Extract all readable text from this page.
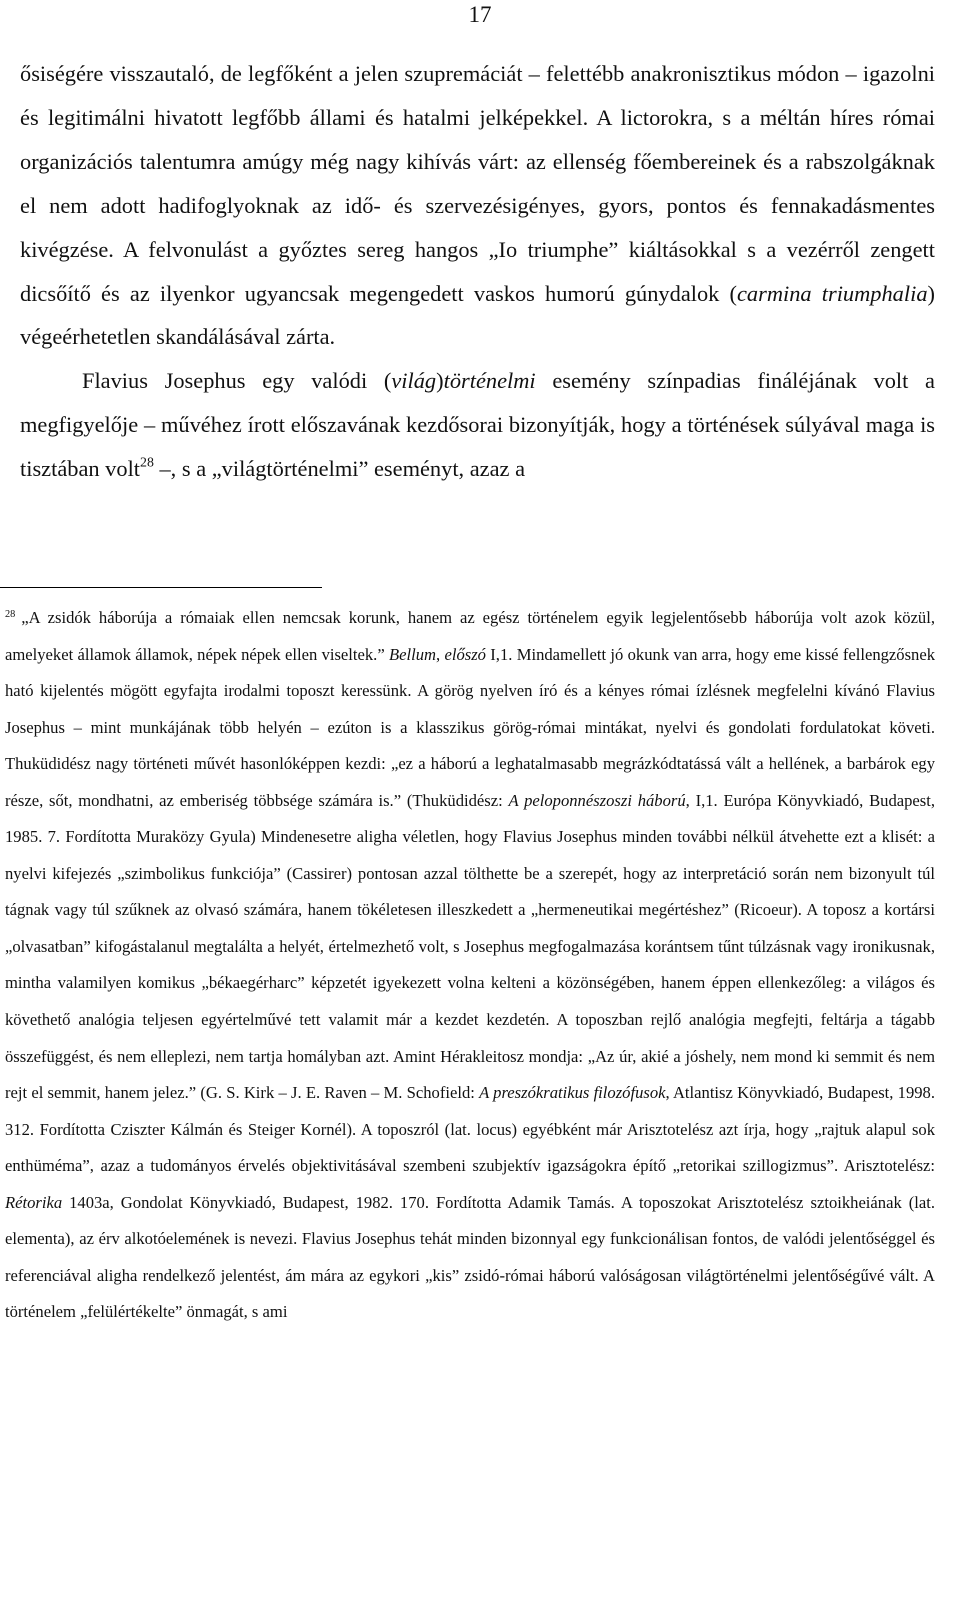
17

ősiségére visszautaló, de legfőként a jelen szupremáciát – felettébb anakronisztikus módon – igazolni és legitimálni hivatott legfőbb állami és hatalmi jelképekkel. A lictorokra, s a méltán híres római organizációs talentumra amúgy még nagy kihívás várt: az ellenség főembereinek és a rabszolgáknak el nem adott hadifoglyoknak az idő- és szervezésigényes, gyors, pontos és fennakadásmentes kivégzése. A felvonulást a győztes sereg hangos „Io triumphe” kiáltásokkal s a vezérről zengett dicsőítő és az ilyenkor ugyancsak megengedett vaskos humorú gúnydalok (carmina triumphalia) végeérhetetlen skandálásával zárta.

Flavius Josephus egy valódi (világ)történelmi esemény színpadias fináléjának volt a megfigyelője – művéhez írott előszavának kezdősorai bizonyítják, hogy a történések súlyával maga is tisztában volt$^{28}$ –, s a „világtörténelmi” eseményt, azaz a

$^{28}$ „A zsidók háborúja a rómaiak ellen nemcsak korunk, hanem az egész történelem egyik legjelentősebb háborúja volt azok közül, amelyeket államok államok, népek népek ellen viseltek.” Bellum, előszó I,1. Mindamellett jó okunk van arra, hogy eme kissé fellengzősnek ható kijelentés mögött egyfajta irodalmi toposzt keressünk. A görög nyelven író és a kényes római ízlésnek megfelelni kívánó Flavius Josephus – mint munkájának több helyén – ezúton is a klasszikus görög-római mintákat, nyelvi és gondolati fordulatokat követi. Thuküdidész nagy történeti művét hasonlóképpen kezdi: „ez a háború a leghatalmasabb megrázkódtatássá vált a hellének, a barbárok egy része, sőt, mondhatni, az emberiség többsége számára is.” (Thuküdidész: A peloponnészoszi háború, I,1. Európa Könyvkiadó, Budapest, 1985. 7. Fordította Muraközy Gyula) Mindenesetre aligha véletlen, hogy Flavius Josephus minden további nélkül átvehette ezt a klisét: a nyelvi kifejezés „szimbolikus funkciója” (Cassirer) pontosan azzal tölthette be a szerepét, hogy az interpretáció során nem bizonyult túl tágnak vagy túl szűknek az olvasó számára, hanem tökéletesen illeszkedett a „hermeneutikai megértéshez” (Ricoeur). A toposz a kortársi „olvasatban” kifogástalanul megtalálta a helyét, értelmezhető volt, s Josephus megfogalmazása korántsem tűnt túlzásnak vagy ironikusnak, mintha valamilyen komikus „békaegérharc” képzetét igyekezett volna kelteni a közönségében, hanem éppen ellenkezőleg: a világos és követhető analógia teljesen egyértelművé tett valamit már a kezdet kezdetén. A toposzban rejlő analógia megfejti, feltárja a tágabb összefüggést, és nem elleplezi, nem tartja homályban azt. Amint Hérakleitosz mondja: „Az úr, akié a jóshely, nem mond ki semmit és nem rejt el semmit, hanem jelez.” (G. S. Kirk – J. E. Raven – M. Schofield: A preszókratikus filozófusok, Atlantisz Könyvkiadó, Budapest, 1998. 312. Fordította Cziszter Kálmán és Steiger Kornél). A toposzról (lat. locus) egyébként már Arisztotelész azt írja, hogy „rajtuk alapul sok enthüméma”, azaz a tudományos érvelés objektivitásával szembeni szubjektív igazságokra építő „retorikai szillogizmus”. Arisztotelész: Rétorika 1403a, Gondolat Könyvkiadó, Budapest, 1982. 170. Fordította Adamik Tamás. A toposzokat Arisztotelész sztoikheiának (lat. elementa), az érv alkotóelemének is nevezi. Flavius Josephus tehát minden bizonnyal egy funkcionálisan fontos, de valódi jelentőséggel és referenciával aligha rendelkező jelentést, ám mára az egykori „kis” zsidó-római háború valóságosan világtörténelmi jelentőségűvé vált. A történelem „felülértékelte” önmagát, s ami
